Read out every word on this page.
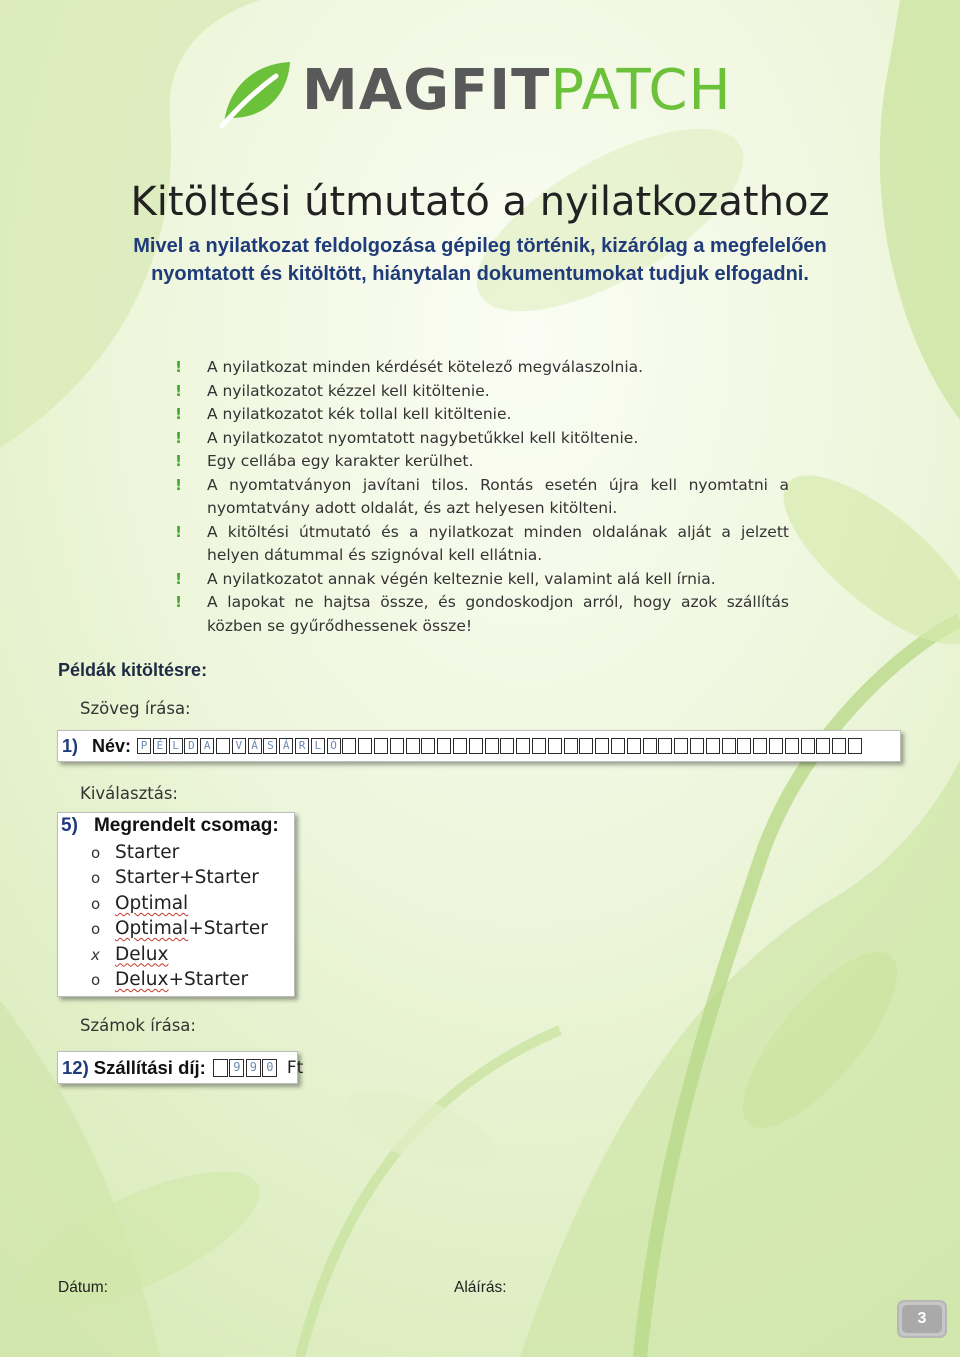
MAGFITPATCH
Kitöltési útmutató a nyilatkozathoz
Mivel a nyilatkozat feldolgozása gépileg történik, kizárólag a megfelelően nyomtatott és kitöltött, hiánytalan dokumentumokat tudjuk elfogadni.
! A nyilatkozat minden kérdését kötelező megválaszolnia.
! A nyilatkozatot kézzel kell kitöltenie.
! A nyilatkozatot kék tollal kell kitöltenie.
! A nyilatkozatot nyomtatott nagybetűkkel kell kitöltenie.
! Egy cellába egy karakter kerülhet.
! A nyomtatványon javítani tilos. Rontás esetén újra kell nyomtatni a nyomtatvány adott oldalát, és azt helyesen kitölteni.
! A kitöltési útmutató és a nyilatkozat minden oldalának alját a jelzett helyen dátummal és szignóval kell ellátnia.
! A nyilatkozatot annak végén kelteznie kell, valamint alá kell írnia.
! A lapokat ne hajtsa össze, és gondoskodjon arról, hogy azok szállítás közben se gyűrődhessenek össze!
Példák kitöltésre:
Szöveg írása:
1) Név: P É L D A	V Á S Á R L Ó
Kiválasztás:
5) Megrendelt csomag:
o Starter
o Starter+Starter
o Optimal
o Optimal+Starter
x Delux
o Delux+Starter
Számok írása:
12) Szállítási díj:	9 9 0 Ft
Dátum:	Aláírás:
3
